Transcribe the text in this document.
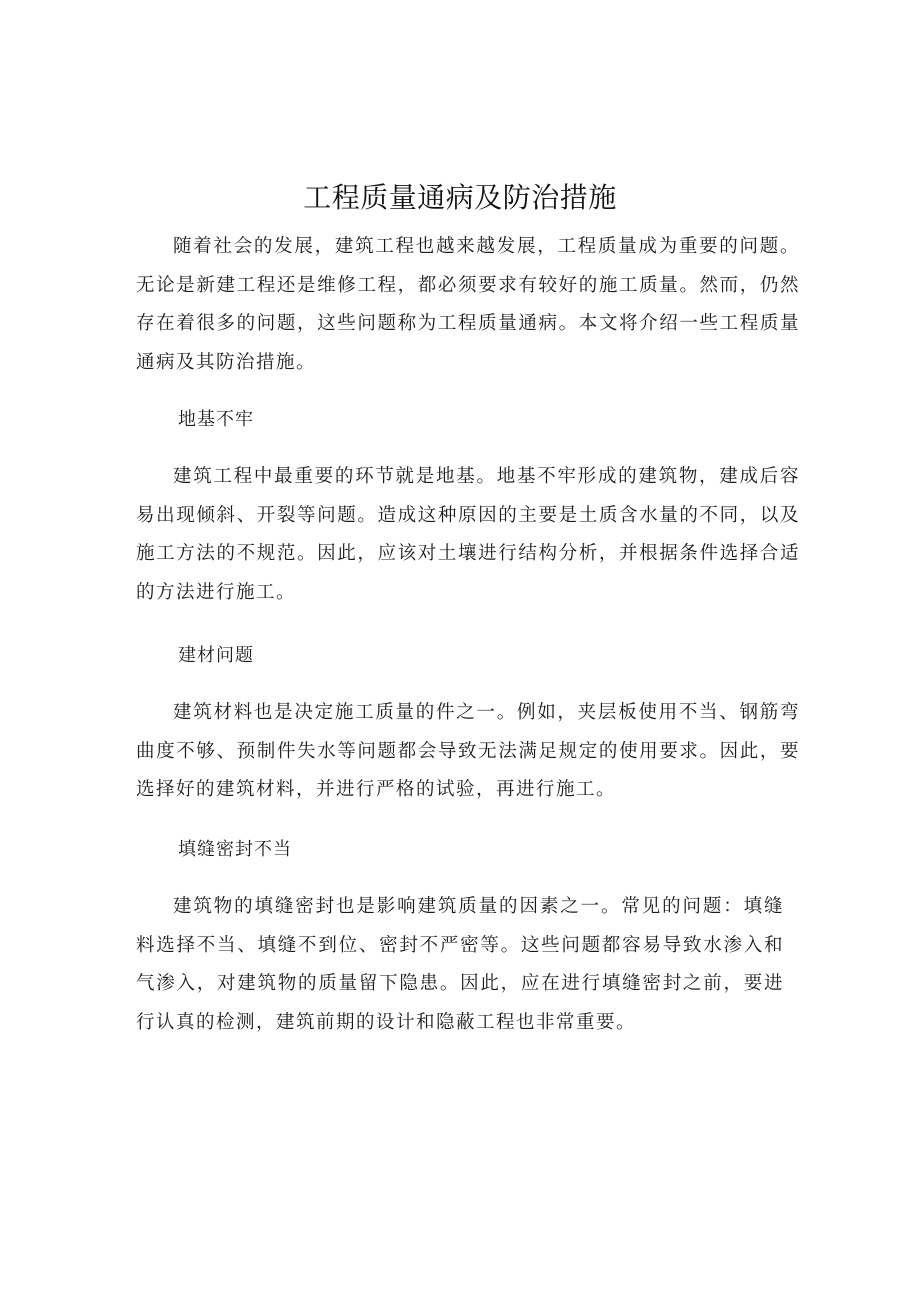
工程质量通病及防治措施

随着社会的发展，建筑工程也越来越发展，工程质量成为重要的问题。无论是新建工程还是维修工程，都必须要求有较好的施工质量。然而，仍然存在着很多的问题，这些问题称为工程质量通病。本文将介绍一些工程质量通病及其防治措施。

地基不牢

建筑工程中最重要的环节就是地基。地基不牢形成的建筑物，建成后容易出现倾斜、开裂等问题。造成这种原因的主要是土质含水量的不同，以及施工方法的不规范。因此，应该对土壤进行结构分析，并根据条件选择合适的方法进行施工。

建材问题

建筑材料也是决定施工质量的件之一。例如，夹层板使用不当、钢筋弯曲度不够、预制件失水等问题都会导致无法满足规定的使用要求。因此，要选择好的建筑材料，并进行严格的试验，再进行施工。

填缝密封不当

建筑物的填缝密封也是影响建筑质量的因素之一。常见的问题：填缝料选择不当、填缝不到位、密封不严密等。这些问题都容易导致水渗入和气渗入，对建筑物的质量留下隐患。因此，应在进行填缝密封之前，要进行认真的检测，建筑前期的设计和隐蔽工程也非常重要。
